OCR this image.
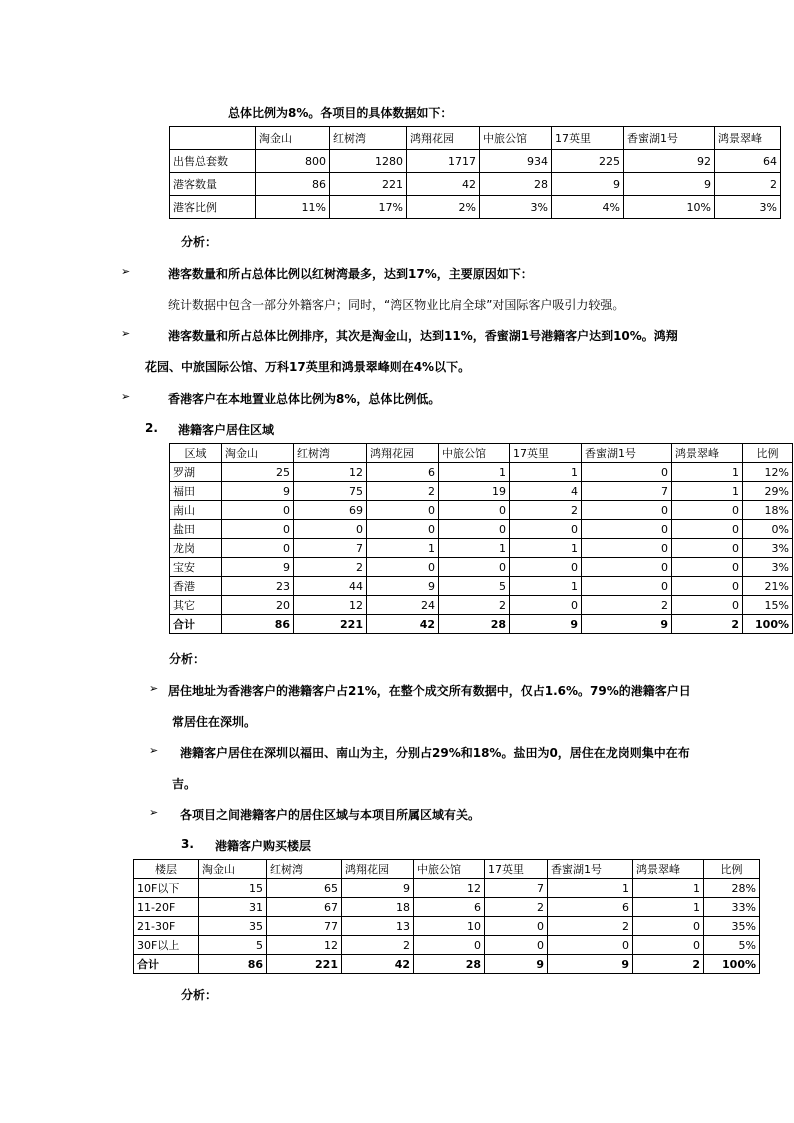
总体比例为8%。各项目的具体数据如下：
	淘金山	红树湾	鸿翔花园	中旅公馆	17英里	香蜜湖1号	鸿景翠峰
出售总套数	800	1280	1717	934	225	92	64
港客数量	86	221	42	28	9	9	2
港客比例	11%	17%	2%	3%	4%	10%	3%
分析：
➢	港客数量和所占总体比例以红树湾最多，达到17%，主要原因如下：
统计数据中包含一部分外籍客户；同时，“湾区物业比肩全球”对国际客户吸引力较强。
➢	港客数量和所占总体比例排序，其次是淘金山，达到11%，香蜜湖1号港籍客户达到10%。鸿翔
花园、中旅国际公馆、万科17英里和鸿景翠峰则在4%以下。
➢	香港客户在本地置业总体比例为8%，总体比例低。
2. 港籍客户居住区域
区域	淘金山	红树湾	鸿翔花园	中旅公馆	17英里	香蜜湖1号	鸿景翠峰	比例
罗湖	25	12	6	1	1	0	1	12%
福田	9	75	2	19	4	7	1	29%
南山	0	69	0	0	2	0	0	18%
盐田	0	0	0	0	0	0	0	0%
龙岗	0	7	1	1	1	0	0	3%
宝安	9	2	0	0	0	0	0	3%
香港	23	44	9	5	1	0	0	21%
其它	20	12	24	2	0	2	0	15%
合计	86	221	42	28	9	9	2	100%
分析：
➢ 居住地址为香港客户的港籍客户占21%，在整个成交所有数据中，仅占1.6%。79%的港籍客户日
常居住在深圳。
➢ 港籍客户居住在深圳以福田、南山为主，分别占29%和18%。盐田为0，居住在龙岗则集中在布
吉。
➢ 各项目之间港籍客户的居住区域与本项目所属区域有关。
3. 港籍客户购买楼层
楼层	淘金山	红树湾	鸿翔花园	中旅公馆	17英里	香蜜湖1号	鸿景翠峰	比例
10F以下	15	65	9	12	7	1	1	28%
11-20F	31	67	18	6	2	6	1	33%
21-30F	35	77	13	10	0	2	0	35%
30F以上	5	12	2	0	0	0	0	5%
合计	86	221	42	28	9	9	2	100%
分析：
